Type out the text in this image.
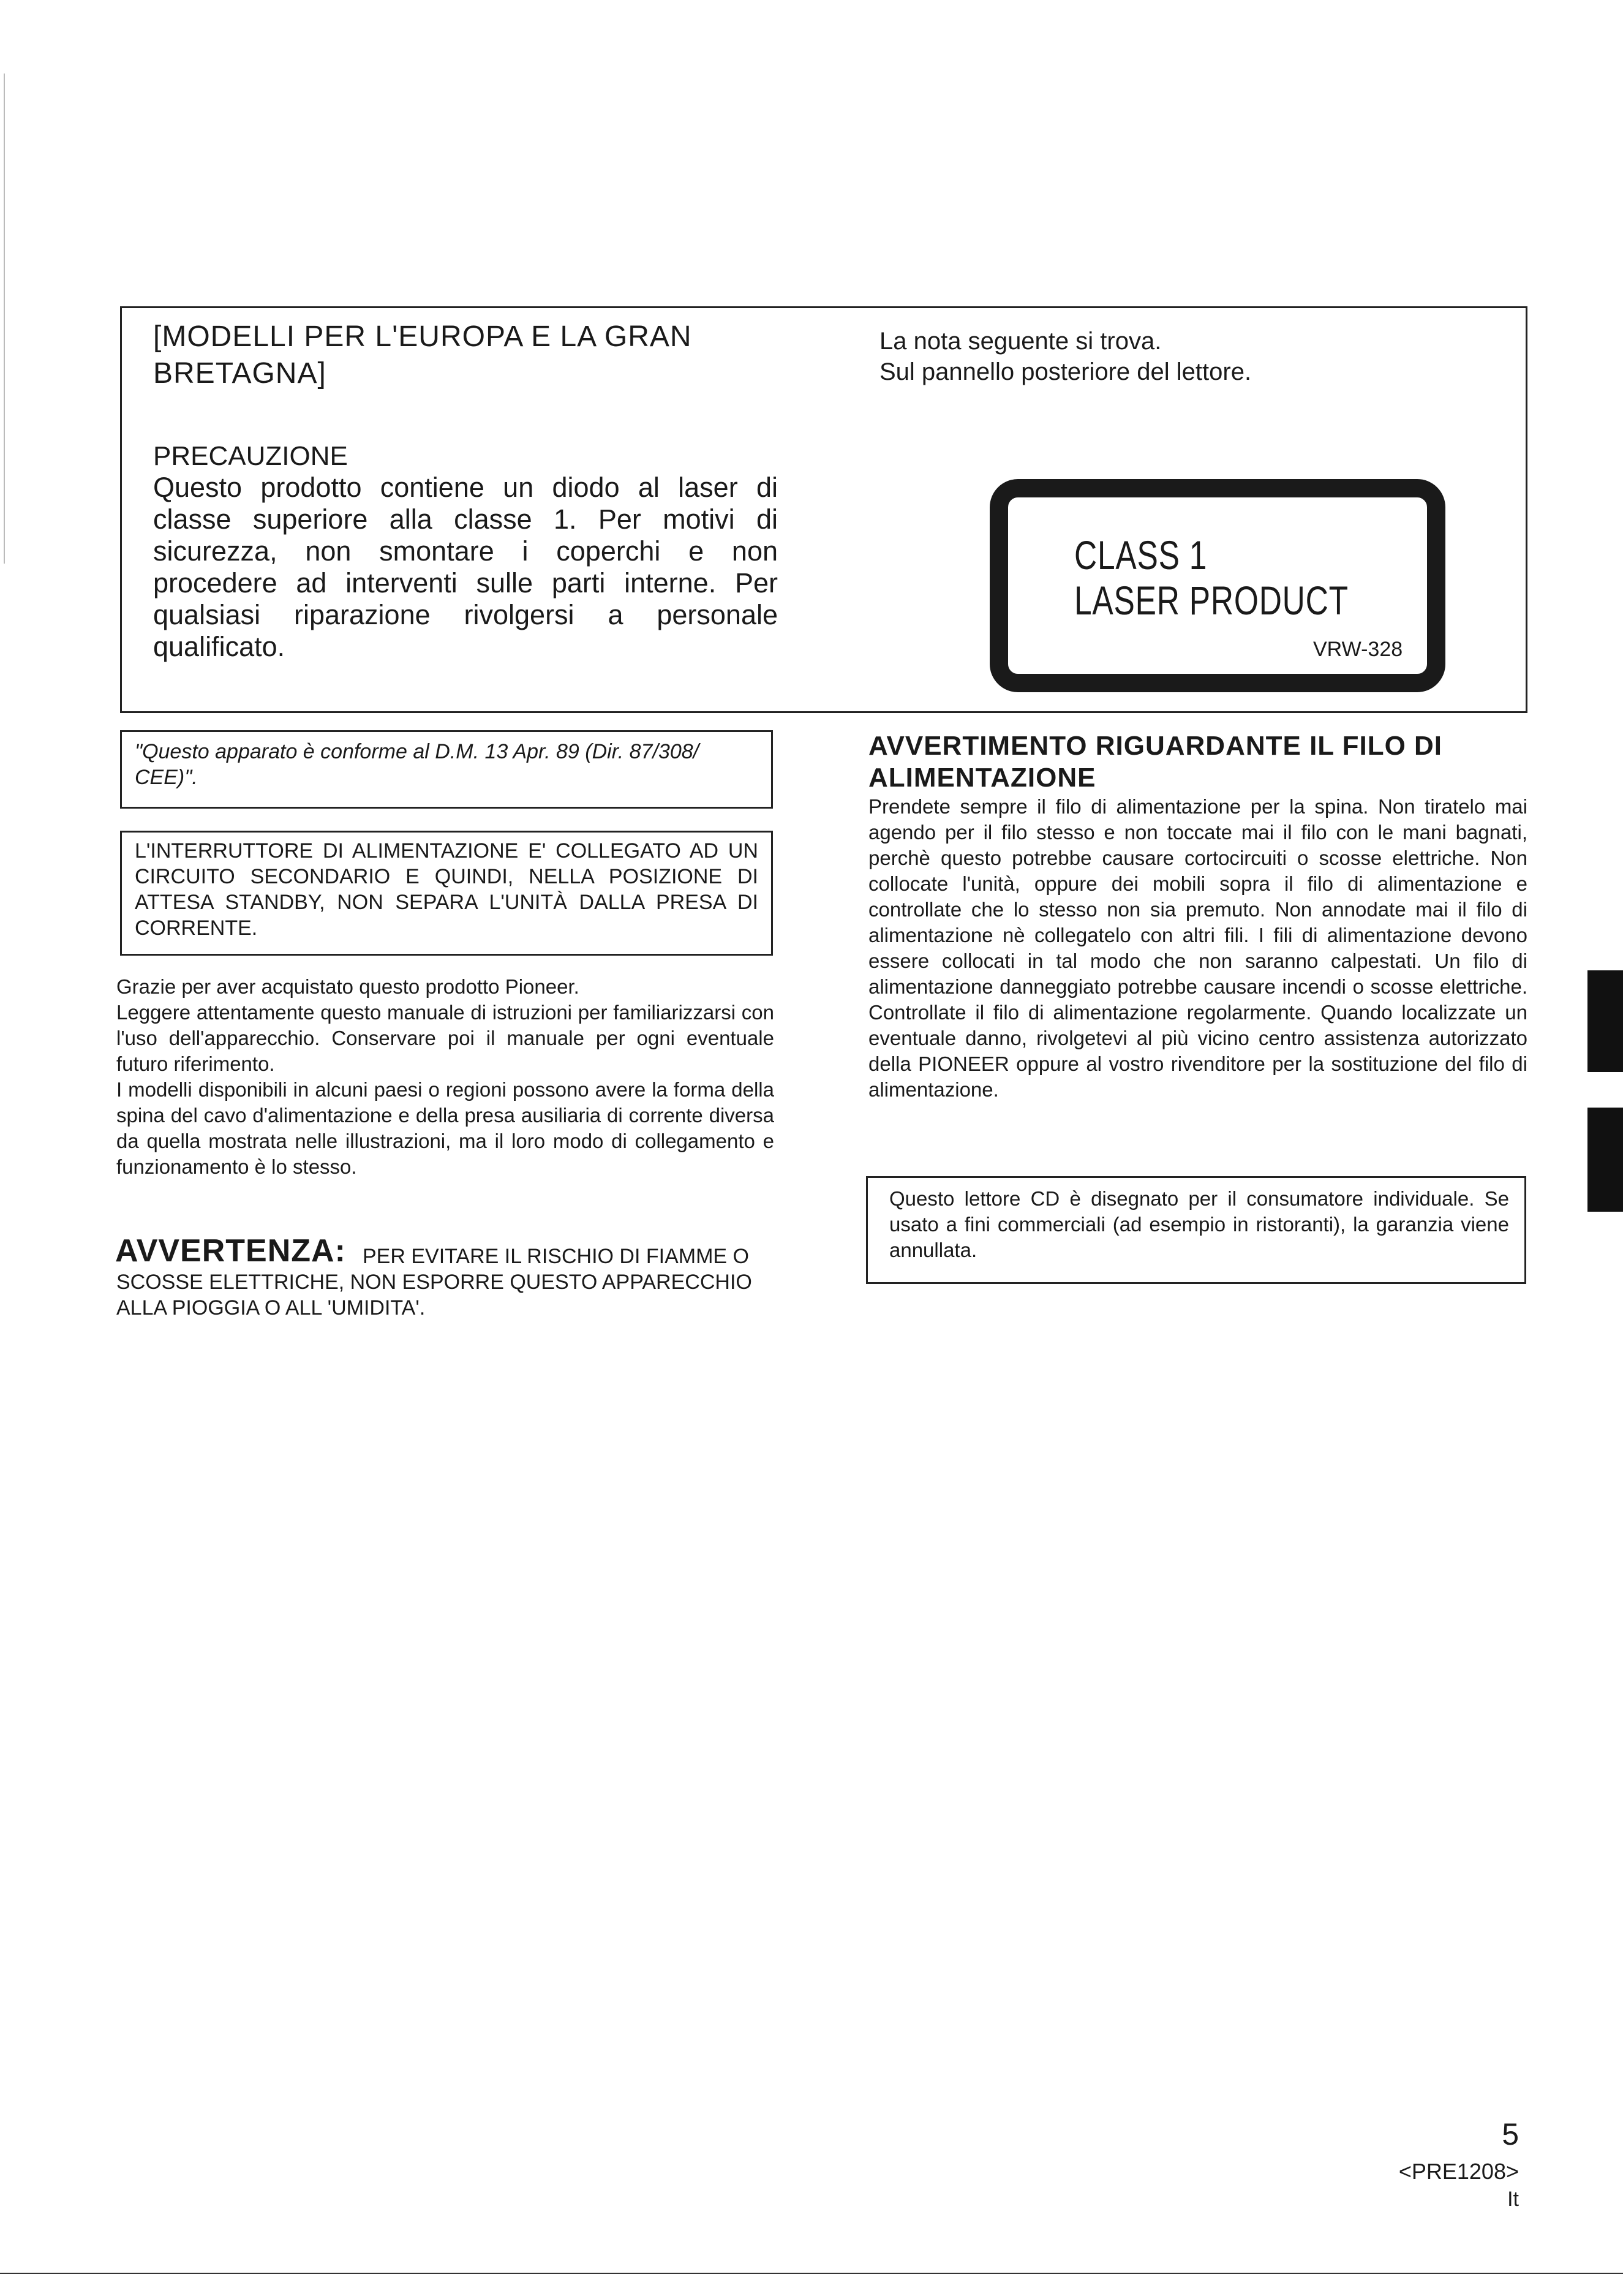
[MODELLI PER L'EUROPA E LA GRAN BRETAGNA]
La nota seguente si trova.
Sul pannello posteriore del lettore.
PRECAUZIONE
Questo prodotto contiene un diodo al laser di classe superiore alla classe 1. Per motivi di sicurezza, non smontare i coperchi e non procedere ad interventi sulle parti interne. Per qualsiasi riparazione rivolgersi a personale qualificato.
CLASS 1
LASER PRODUCT
VRW-328
"Questo apparato è conforme al D.M. 13 Apr. 89 (Dir. 87/308/ CEE)".
L'INTERRUTTORE DI ALIMENTAZIONE E' COLLEGATO AD UN CIRCUITO SECONDARIO E QUINDI, NELLA POSIZIONE DI ATTESA STANDBY, NON SEPARA L'UNITÀ DALLA PRESA DI CORRENTE.
Grazie per aver acquistato questo prodotto Pioneer.
Leggere attentamente questo manuale di istruzioni per familiarizzarsi con l'uso dell'apparecchio. Conservare poi il manuale per ogni eventuale futuro riferimento.
I modelli disponibili in alcuni paesi o regioni possono avere la forma della spina del cavo d'alimentazione e della presa ausiliaria di corrente diversa da quella mostrata nelle illustrazioni, ma il loro modo di collegamento e funzionamento è lo stesso.
AVVERTENZA: PER EVITARE IL RISCHIO DI FIAMME O
SCOSSE ELETTRICHE, NON ESPORRE QUESTO APPARECCHIO ALLA PIOGGIA O ALL 'UMIDITA'.
AVVERTIMENTO RIGUARDANTE IL FILO DI ALIMENTAZIONE
Prendete sempre il filo di alimentazione per la spina. Non tiratelo mai agendo per il filo stesso e non toccate mai il filo con le mani bagnati, perchè questo potrebbe causare cortocircuiti o scosse elettriche. Non collocate l'unità, oppure dei mobili sopra il filo di alimentazione e controllate che lo stesso non sia premuto. Non annodate mai il filo di alimentazione nè collegatelo con altri fili. I fili di alimentazione devono essere collocati in tal modo che non saranno calpestati. Un filo di alimentazione danneggiato potrebbe causare incendi o scosse elettriche. Controllate il filo di alimentazione regolarmente. Quando localizzate un eventuale danno, rivolgetevi al più vicino centro assistenza autorizzato della PIONEER oppure al vostro rivenditore per la sostituzione del filo di alimentazione.
Questo lettore CD è disegnato per il consumatore individuale. Se usato a fini commerciali (ad esempio in ristoranti), la garanzia viene annullata.
5
<PRE1208>
It
